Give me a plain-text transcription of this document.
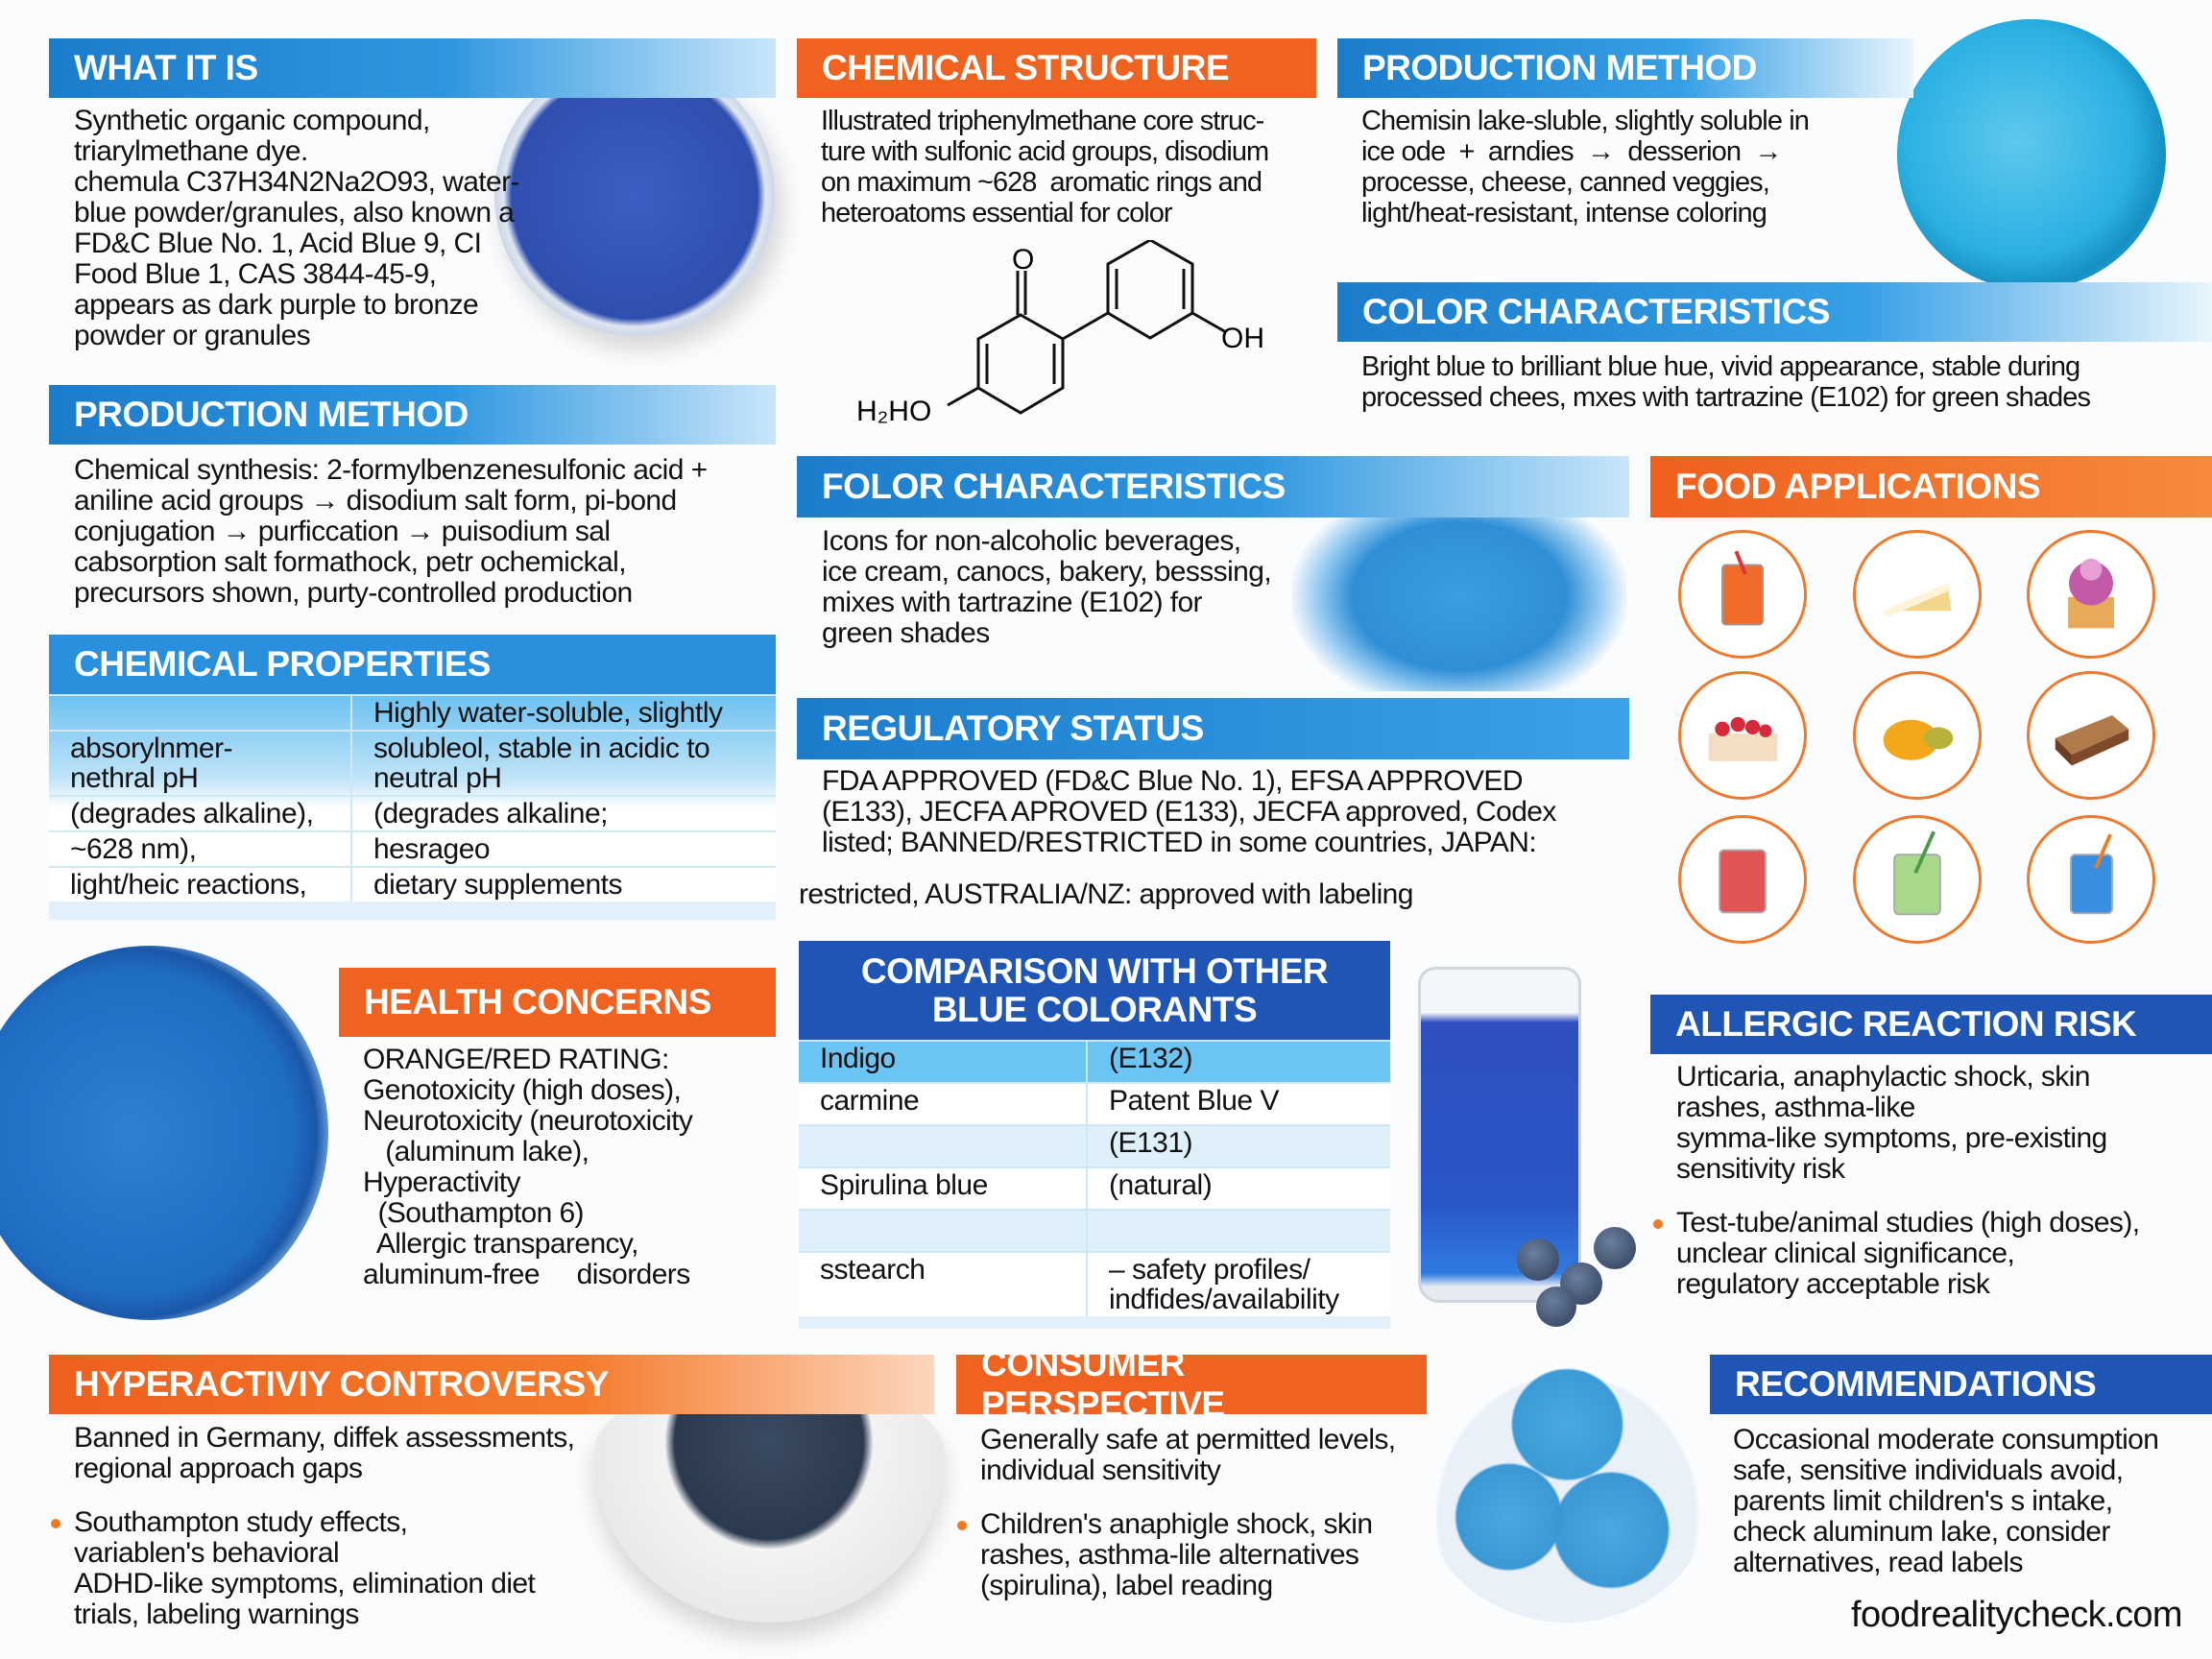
WHAT IT IS
PRODUCTION METHOD
CHEMICAL PROPERTIES
HEALTH CONCERNS
CHEMICAL STRUCTURE	PRODUCTION METHOD
COLOR CHARACTERISTICS
FOLOR CHARACTERISTICS
REGULATORY STATUS
FOOD APPLICATIONS
COMPARISON WITH OTHER
BLUE COLORANTS	ALLERGIC REACTION RISK
HYPERACTIVIY CONTROVERSY
CONSUMER PERSPECTIVE
RECOMMENDATIONS
Synthetic organic compound,
triarylmethane dye.
chemula C37H34N2Na2O93, water-
blue powder/granules, also known a
FD&C Blue No. 1, Acid Blue 9, CI
Food Blue 1, CAS 3844-45-9,
appears as dark purple to bronze
powder or granules
Chemical synthesis: 2-formylbenzenesulfonic acid +
aniline acid groups → disodium salt form, pi-bond
conjugation → purficcation → puisodium sal
cabsorption salt formathock, petr ochemickal,
precursors shown, purty-controlled production
ORANGE/RED RATING:
Genotoxicity (high doses),
Neurotoxicity (neurotoxicity
(aluminum lake),
Hyperactivity
(Southampton 6)
Allergic transparency,
aluminum-free     disorders
Illustrated triphenylmethane core struc-
ture with sulfonic acid groups, disodium
on maximum ~628  aromatic rings and
heteroatoms essential for color
Chemisin lake-sluble, slightly soluble in
ice ode  +  arndies  →  desserion  →
processe, cheese, canned veggies,
light/heat-resistant, intense coloring
Bright blue to brilliant blue hue, vivid appearance, stable during
processed chees, mxes with tartrazine (E102) for green shades
Icons for non-alcoholic beverages,
ice cream, canocs, bakery, besssing,
mixes with tartrazine (E102) for
green shades
FDA APPROVED (FD&C Blue No. 1), EFSA APPROVED
(E133), JECFA APROVED (E133), JECFA approved, Codex
listed; BANNED/RESTRICTED in some countries, JAPAN:
restricted, AUSTRALIA/NZ: approved with labeling
Urticaria, anaphylactic shock, skin
rashes, asthma-like
symma-like symptoms, pre-existing
sensitivity risk
Test-tube/animal studies (high doses),
unclear clinical significance,
regulatory acceptable risk
Banned in Germany, diffek assessments,
regional approach gaps
Southampton study effects,
variablen's behavioral
ADHD-like symptoms, elimination diet
trials, labeling warnings
Generally safe at permitted levels,
individual sensitivity
Children's anaphigle shock, skin
rashes, asthma-lile alternatives
(spirulina), label reading
Occasional moderate consumption
safe, sensitive individuals avoid,
parents limit children's s intake,
check aluminum lake, consider
alternatives, read labels
foodrealitycheck.com
	Highly water-soluble, slightly
absorylnmer-
nethral pH	solubleol, stable in acidic to
neutral pH
(degrades alkaline),	(degrades alkaline;
~628 nm),	hesrageo
light/heic reactions,	dietary supplements
Indigo	(E132)
carmine	Patent Blue V
	(E131)
Spirulina blue	(natural)

sstearch	– safety profiles/
indfides/availability
O
OH
H₂HO
